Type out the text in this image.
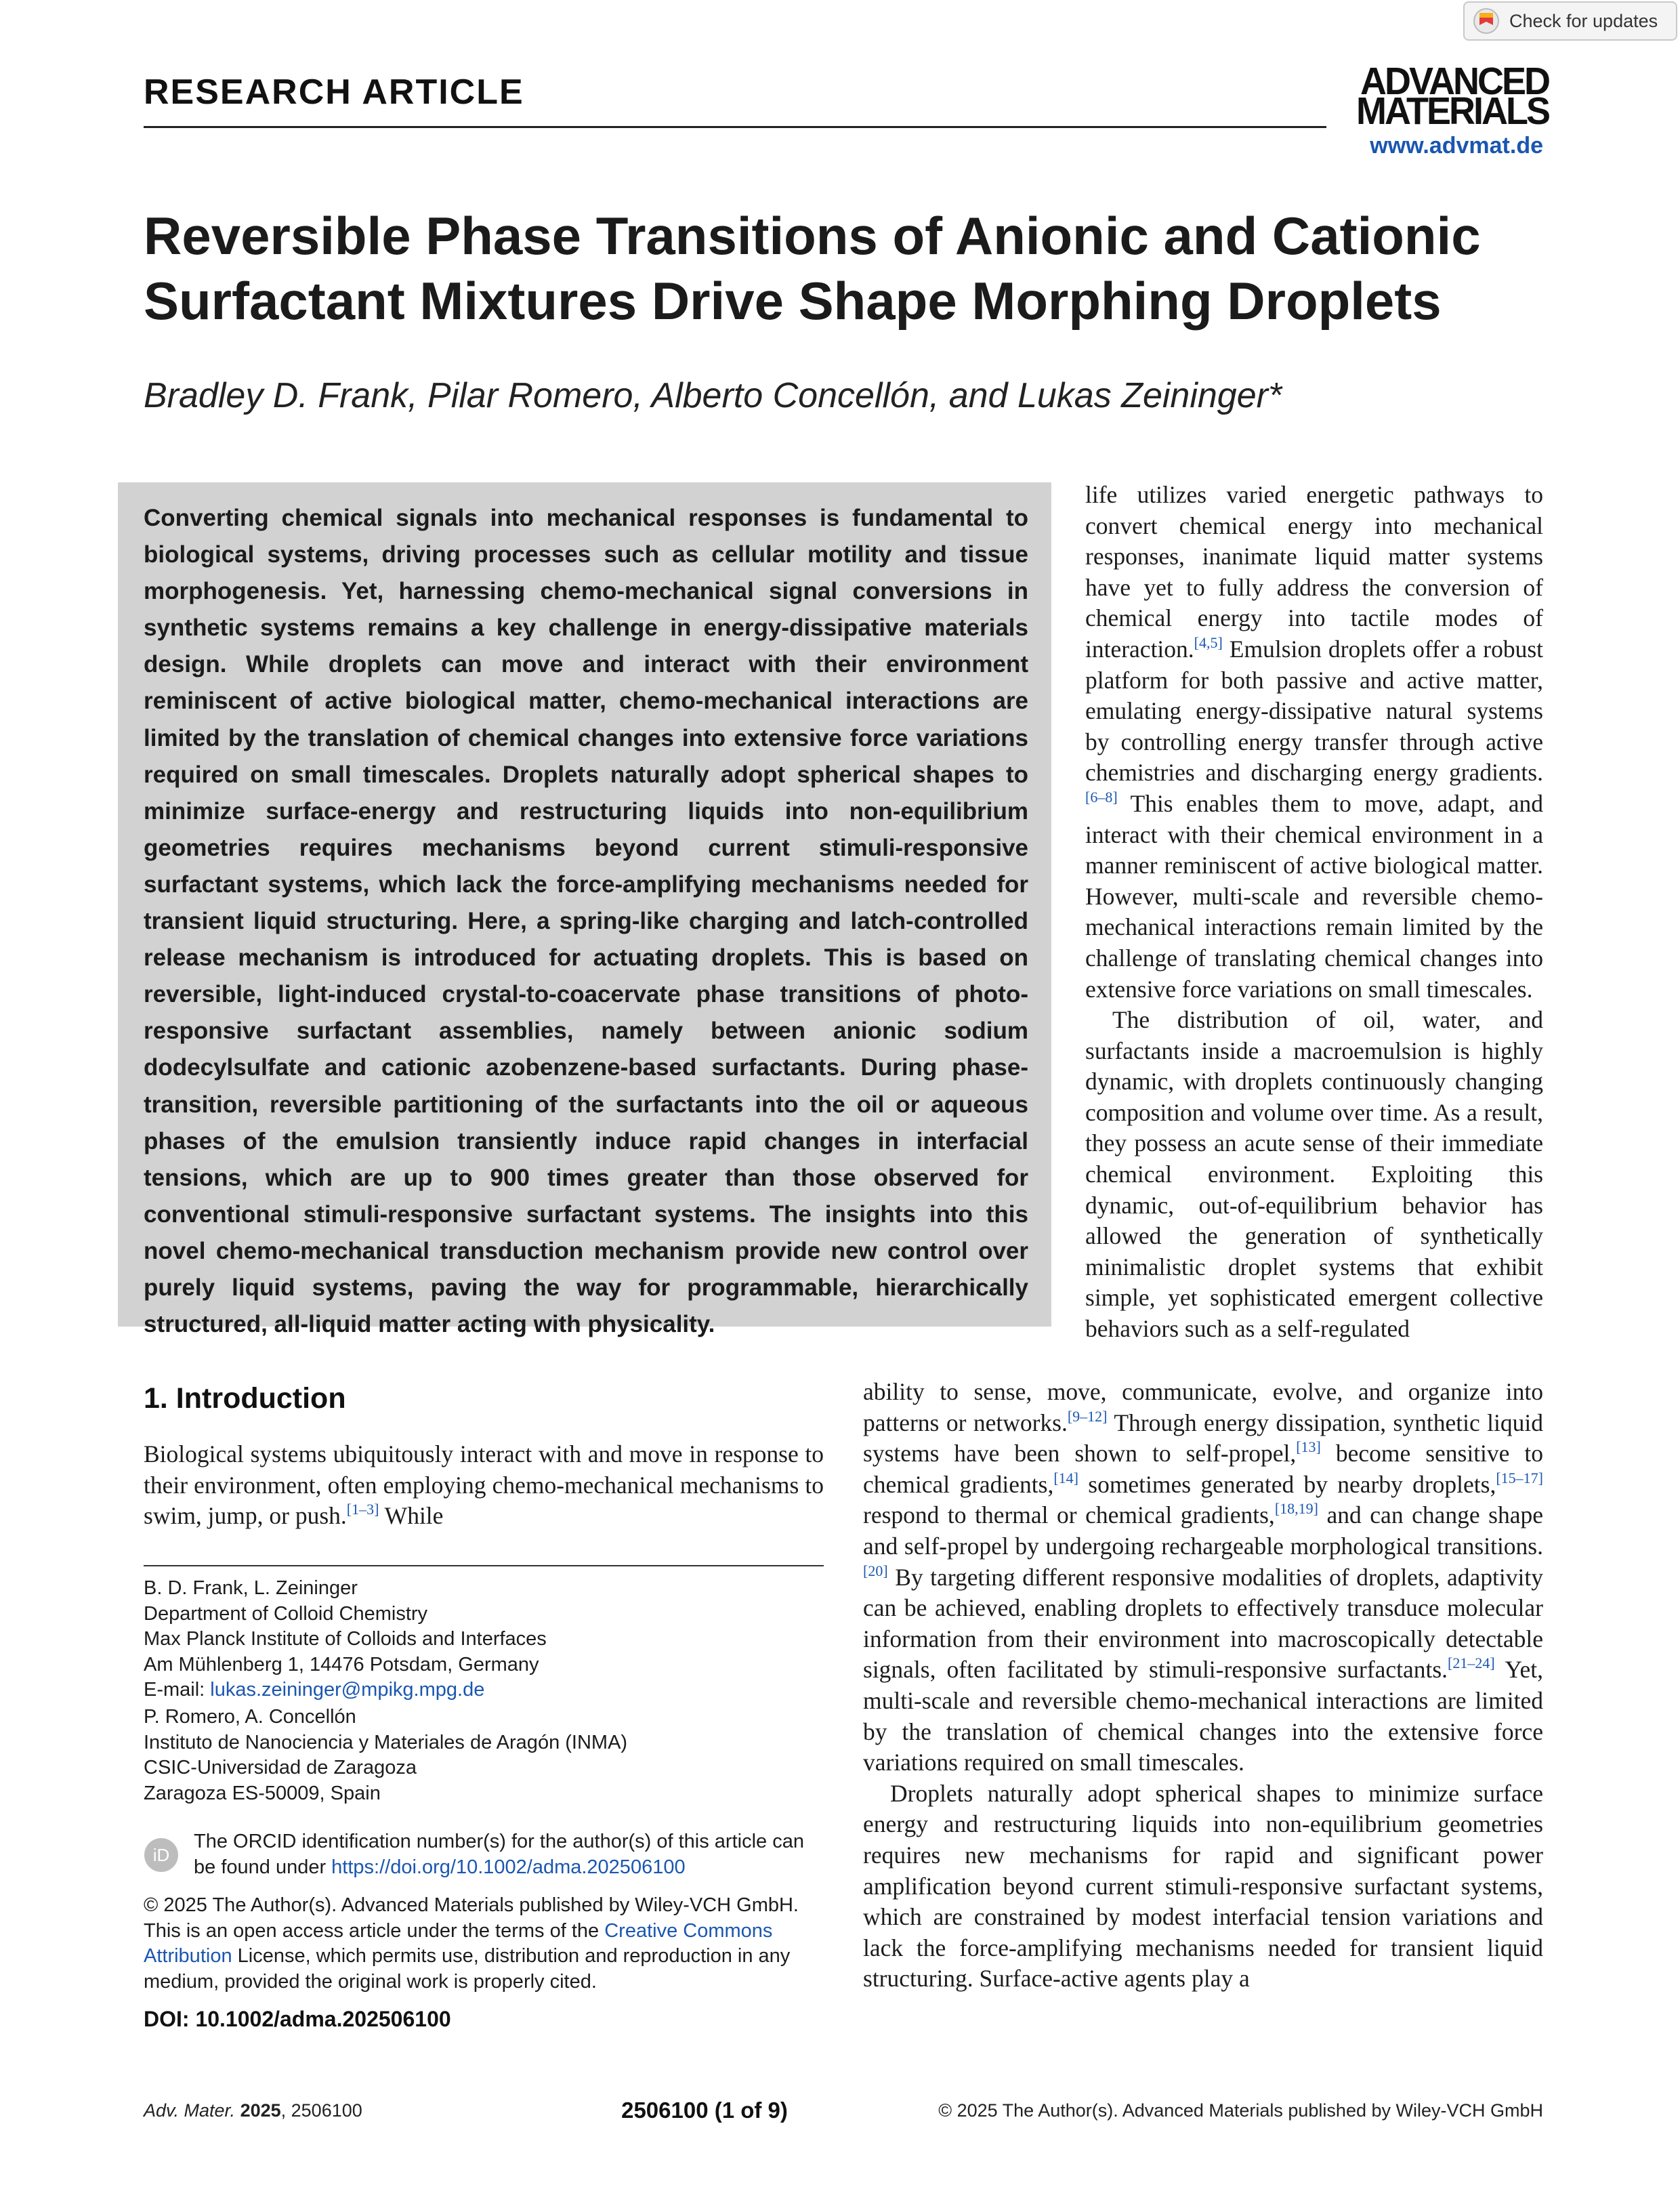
Check for updates
RESEARCH ARTICLE	ADVANCED
MATERIALS
www.advmat.de
Reversible Phase Transitions of Anionic and Cationic
Surfactant Mixtures Drive Shape Morphing Droplets
Bradley D. Frank, Pilar Romero, Alberto Concellón, and Lukas Zeininger*

Converting chemical signals into mechanical responses is fundamental to biological systems, driving processes such as cellular motility and tissue morphogenesis. Yet, harnessing chemo-mechanical signal conversions in synthetic systems remains a key challenge in energy-dissipative materials design. While droplets can move and interact with their environment reminiscent of active biological matter, chemo-mechanical interactions are limited by the translation of chemical changes into extensive force variations required on small timescales. Droplets naturally adopt spherical shapes to minimize surface-energy and restructuring liquids into non-equilibrium geometries requires mechanisms beyond current stimuli-responsive surfactant systems, which lack the force-amplifying mechanisms needed for transient liquid structuring. Here, a spring-like charging and latch-controlled release mechanism is introduced for actuating droplets. This is based on reversible, light-induced crystal-to-coacervate phase transitions of photo-responsive surfactant assemblies, namely between anionic sodium dodecylsulfate and cationic azobenzene-based surfactants. During phase-transition, reversible partitioning of the surfactants into the oil or aqueous phases of the emulsion transiently induce rapid changes in interfacial tensions, which are up to 900 times greater than those observed for conventional stimuli-responsive surfactant systems. The insights into this novel chemo-mechanical transduction mechanism provide new control over purely liquid systems, paving the way for programmable, hierarchically structured, all-liquid matter acting with physicality.

life utilizes varied energetic pathways to convert chemical energy into mechanical responses, inanimate liquid matter systems have yet to fully address the conversion of chemical energy into tactile modes of interaction.[4,5] Emulsion droplets offer a robust platform for both passive and active matter, emulating energy-dissipative natural systems by controlling energy transfer through active chemistries and discharging energy gradients.[6–8] This enables them to move, adapt, and interact with their chemical environment in a manner reminiscent of active biological matter. However, multi-scale and reversible chemo-mechanical interactions remain limited by the challenge of translating chemical changes into extensive force variations on small timescales.

The distribution of oil, water, and surfactants inside a macroemulsion is highly dynamic, with droplets continuously changing composition and volume over time. As a result, they possess an acute sense of their immediate chemical environment. Exploiting this dynamic, out-of-equilibrium behavior has allowed the generation of synthetically minimalistic droplet systems that exhibit simple, yet sophisticated emergent collective behaviors such as a self-regulated

1. Introduction

Biological systems ubiquitously interact with and move in response to their environment, often employing chemo-mechanical mechanisms to swim, jump, or push.[1–3] While

ability to sense, move, communicate, evolve, and organize into patterns or networks.[9–12] Through energy dissipation, synthetic liquid systems have been shown to self-propel,[13] become sensitive to chemical gradients,[14] sometimes generated by nearby droplets,[15–17] respond to thermal or chemical gradients,[18,19] and can change shape and self-propel by undergoing rechargeable morphological transitions.[20] By targeting different responsive modalities of droplets, adaptivity can be achieved, enabling droplets to effectively transduce molecular information from their environment into macroscopically detectable signals, often facilitated by stimuli-responsive surfactants.[21–24] Yet, multi-scale and reversible chemo-mechanical interactions are limited by the translation of chemical changes into the extensive force variations required on small timescales.

Droplets naturally adopt spherical shapes to minimize surface energy and restructuring liquids into non-equilibrium geometries requires new mechanisms for rapid and significant power amplification beyond current stimuli-responsive surfactant systems, which are constrained by modest interfacial tension variations and lack the force-amplifying mechanisms needed for transient liquid structuring. Surface-active agents play a

B. D. Frank, L. Zeininger
Department of Colloid Chemistry
Max Planck Institute of Colloids and Interfaces
Am Mühlenberg 1, 14476 Potsdam, Germany
E-mail: lukas.zeininger@mpikg.mpg.de
P. Romero, A. Concellón
Instituto de Nanociencia y Materiales de Aragón (INMA)
CSIC-Universidad de Zaragoza
Zaragoza ES-50009, Spain
iD
The ORCID identification number(s) for the author(s) of this article can be found under https://doi.org/10.1002/adma.202506100
© 2025 The Author(s). Advanced Materials published by Wiley-VCH GmbH. This is an open access article under the terms of the Creative Commons Attribution License, which permits use, distribution and reproduction in any medium, provided the original work is properly cited.
DOI: 10.1002/adma.202506100
Adv. Mater. 2025, 2506100	2506100 (1 of 9)	© 2025 The Author(s). Advanced Materials published by Wiley-VCH GmbH
